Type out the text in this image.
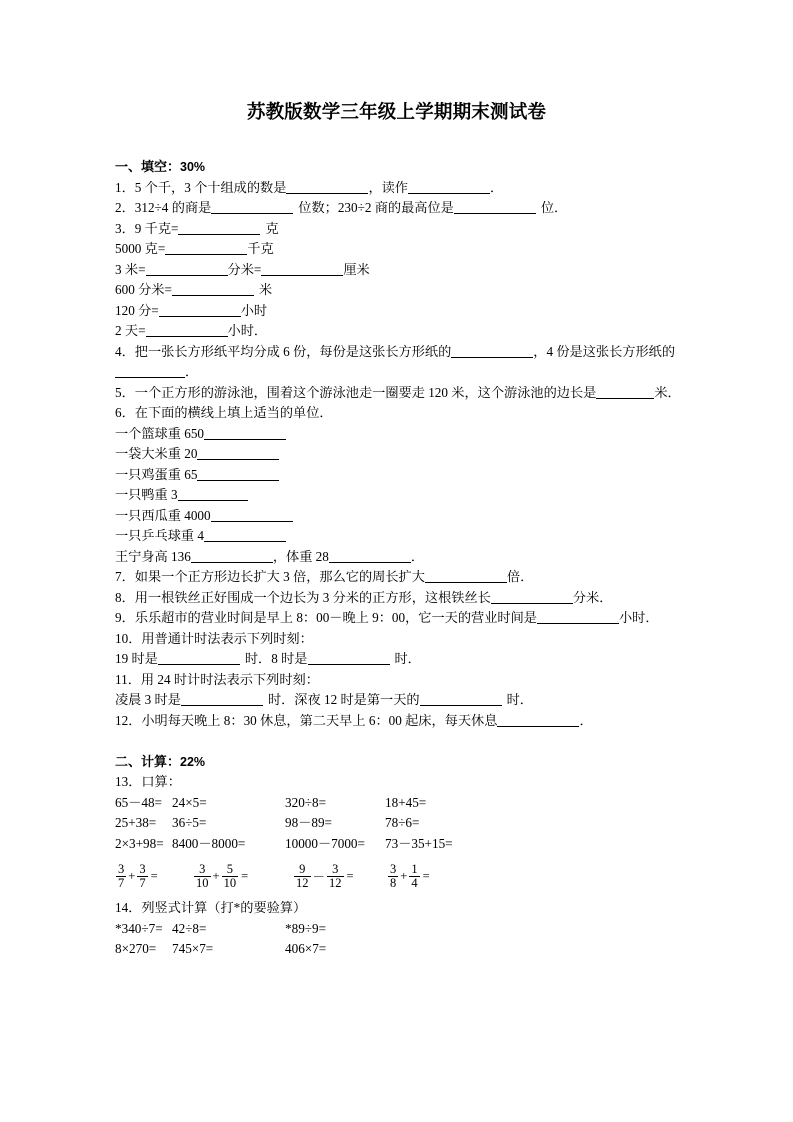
苏教版数学三年级上学期期末测试卷
一、填空：30%
1．5 个千，3 个十组成的数是	，读作	．
2．312÷4 的商是	位数；230÷2 商的最高位是	位．
3．9 千克=	克
5000 克=	千克
3 米=	分米=	厘米
600 分米=	米
120 分=	小时
2 天=	小时．
4．把一张长方形纸平均分成 6 份，每份是这张长方形纸的	，4 份是这张长方形纸的．
5．一个正方形的游泳池，围着这个游泳池走一圈要走 120 米，这个游泳池的边长是	米．
6．在下面的横线上填上适当的单位．
一个篮球重 650
一袋大米重 20
一只鸡蛋重 65
一只鸭重 3
一只西瓜重 4000
一只乒乓球重 4
王宁身高 136	，体重 28	．
7．如果一个正方形边长扩大 3 倍，那么它的周长扩大	倍．
8．用一根铁丝正好围成一个边长为 3 分米的正方形，这根铁丝长	分米．
9．乐乐超市的营业时间是早上 8：00－晚上 9：00，它一天的营业时间是	小时．
10．用普通计时法表示下列时刻：
19 时是	时．8 时是	时．
11．用 24 时计时法表示下列时刻：
凌晨 3 时是	时．深夜 12 时是第一天的	时．
12．小明每天晚上 8：30 休息，第二天早上 6：00 起床，每天休息	．
二、计算：22%
13．口算：
65－48= 24×5=	320÷8=	18+45=
25+38= 36÷5=	98－89=	78÷6=
2×3+98= 8400－8000=	10000－7000= 73－35+15=
$\frac{3}{7} + \frac{3}{7}$ =	$\frac{3}{10} + \frac{5}{10}$ =	$\frac{9}{12} - \frac{3}{12}$ =	$\frac{3}{8} + \frac{1}{4}$ =
14．列竖式计算（打*的要验算）
*340÷7= 42÷8=	*89÷9=
8×270= 745×7=	406×7=
